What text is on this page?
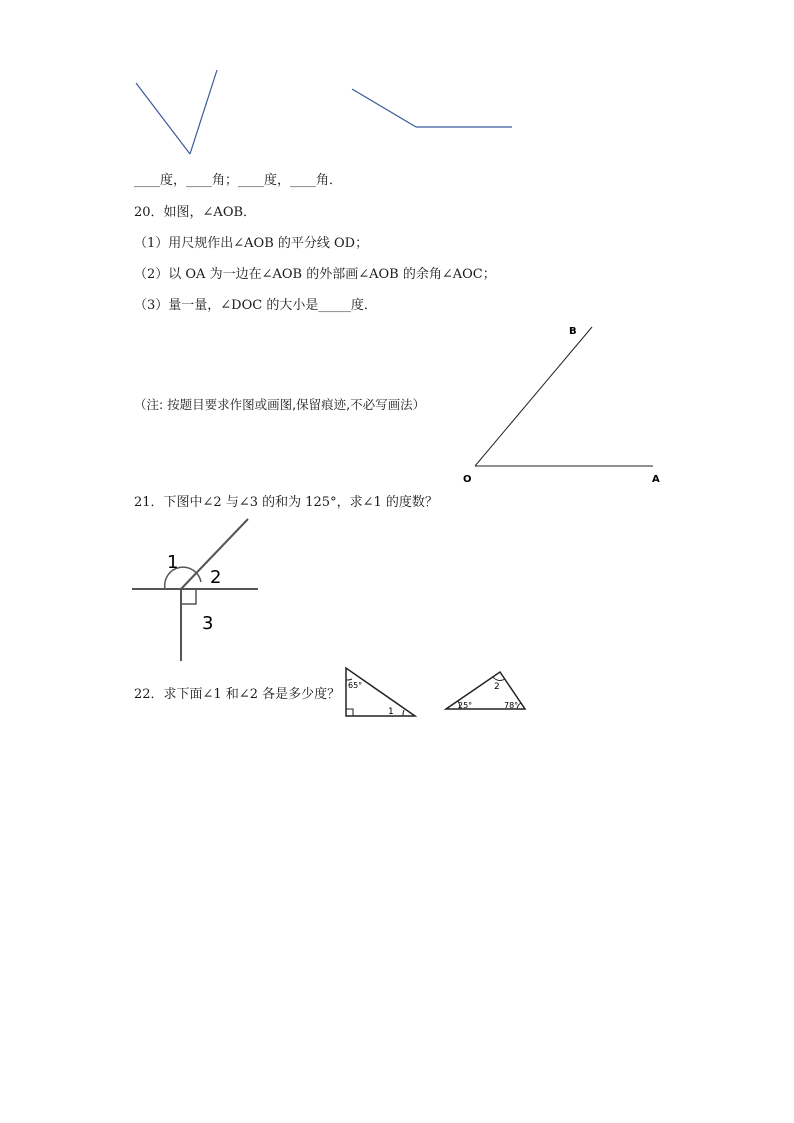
____度，____角；____度，____角．
20．如图，∠AOB．
（1）用尺规作出∠AOB 的平分线 OD；
（2）以 OA 为一边在∠AOB 的外部画∠AOB 的余角∠AOC；
（3）量一量，∠DOC 的大小是_____度．
（注: 按题目要求作图或画图,保留痕迹,不必写画法）
B
O	A
21．下图中∠2 与∠3 的和为 125°，求∠1 的度数？
1
2
3
22．求下面∠1 和∠2 各是多少度？
65°
1
25°
2
78°
